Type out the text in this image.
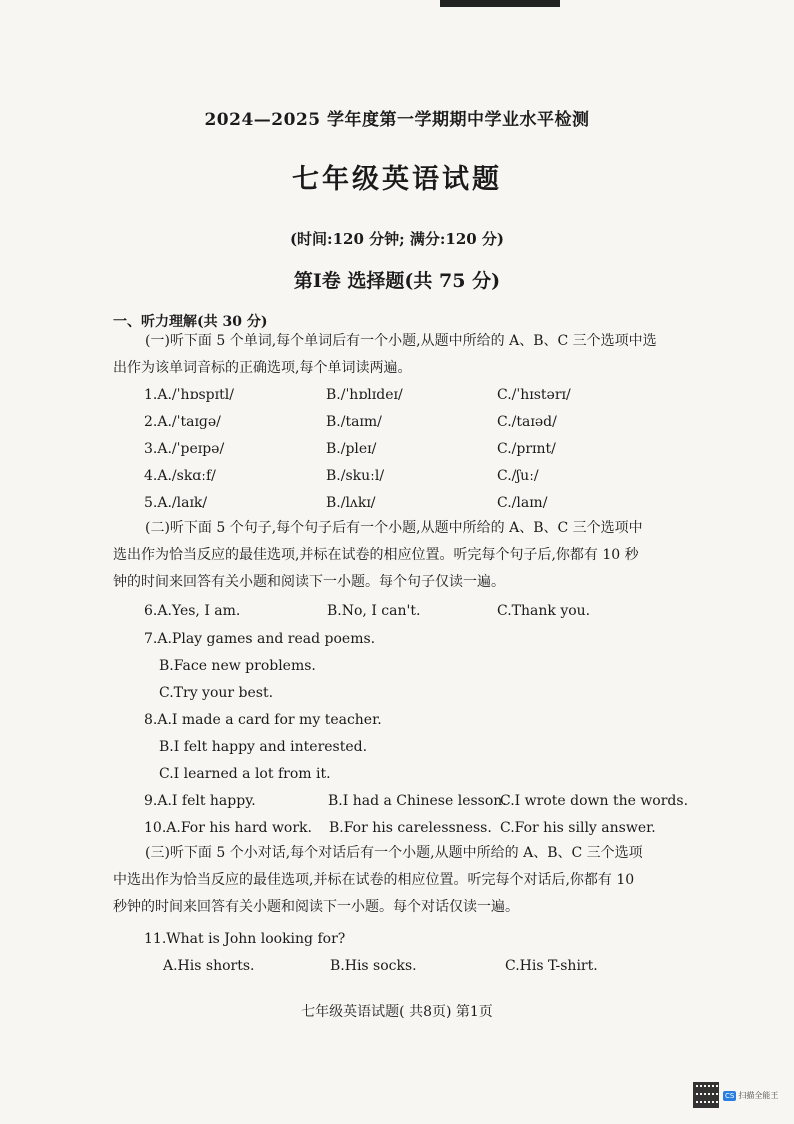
2024—2025 学年度第一学期期中学业水平检测
七年级英语试题
(时间:120 分钟; 满分:120 分)
第Ⅰ卷 选择题(共 75 分)
一、听力理解(共 30 分)
(一)听下面 5 个单词,每个单词后有一个小题,从题中所给的 A、B、C 三个选项中选
出作为该单词音标的正确选项,每个单词读两遍。
1.A./ˈhɒspɪtl/	B./ˈhɒlɪdeɪ/	C./ˈhɪstərɪ/
2.A./ˈtaɪɡə/	B./taɪm/	C./taɪəd/
3.A./ˈpeɪpə/	B./pleɪ/	C./prɪnt/
4.A./skɑːf/	B./skuːl/	C./ʃuː/
5.A./laɪk/	B./lʌkɪ/	C./laɪn/
(二)听下面 5 个句子,每个句子后有一个小题,从题中所给的 A、B、C 三个选项中
选出作为恰当反应的最佳选项,并标在试卷的相应位置。听完每个句子后,你都有 10 秒
钟的时间来回答有关小题和阅读下一小题。每个句子仅读一遍。
6.A.Yes, I am.	B.No, I can't.	C.Thank you.
7.A.Play games and read poems.
B.Face new problems.
C.Try your best.
8.A.I made a card for my teacher.
B.I felt happy and interested.
C.I learned a lot from it.
9.A.I felt happy.	B.I had a Chinese lesson.
C.I wrote down the words.
10.A.For his hard work. B.For his carelessness. C.For his silly answer.
(三)听下面 5 个小对话,每个对话后有一个小题,从题中所给的 A、B、C 三个选项
中选出作为恰当反应的最佳选项,并标在试卷的相应位置。听完每个对话后,你都有 10
秒钟的时间来回答有关小题和阅读下一小题。每个对话仅读一遍。
11.What is John looking for?
A.His shorts.	B.His socks.	C.His T-shirt.
七年级英语试题( 共8页) 第1页
CS 扫描全能王
